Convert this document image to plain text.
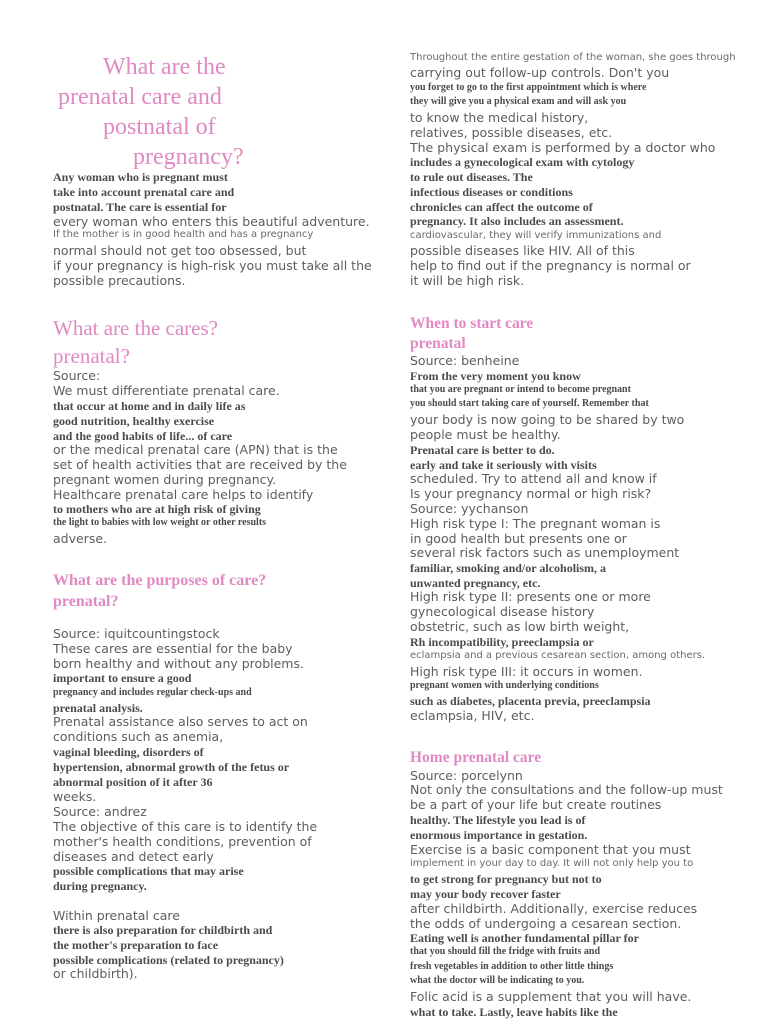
What are the
prenatal care and
postnatal of
pregnancy?
Any woman who is pregnant must
take into account prenatal care and
postnatal. The care is essential for
every woman who enters this beautiful adventure.
If the mother is in good health and has a pregnancy
normal should not get too obsessed, but
if your pregnancy is high-risk you must take all the
possible precautions.
What are the cares?
prenatal?
Source:
We must differentiate prenatal care.
that occur at home and in daily life as
good nutrition, healthy exercise
and the good habits of life... of care
or the medical prenatal care (APN) that is the
set of health activities that are received by the
pregnant women during pregnancy.
Healthcare prenatal care helps to identify
to mothers who are at high risk of giving
the light to babies with low weight or other results
adverse.
What are the purposes of care?
prenatal?
Source: iquitcountingstock
These cares are essential for the baby
born healthy and without any problems.
important to ensure a good
pregnancy and includes regular check-ups and
prenatal analysis.
Prenatal assistance also serves to act on
conditions such as anemia,
vaginal bleeding, disorders of
hypertension, abnormal growth of the fetus or
abnormal position of it after 36
weeks.
Source: andrez
The objective of this care is to identify the
mother's health conditions, prevention of
diseases and detect early
possible complications that may arise
during pregnancy.
Within prenatal care
there is also preparation for childbirth and
the mother's preparation to face
possible complications (related to pregnancy)
or childbirth).
Throughout the entire gestation of the woman, she goes through
carrying out follow-up controls. Don't you
you forget to go to the first appointment which is where
they will give you a physical exam and will ask you
to know the medical history,
relatives, possible diseases, etc.
The physical exam is performed by a doctor who
includes a gynecological exam with cytology
to rule out diseases. The
infectious diseases or conditions
chronicles can affect the outcome of
pregnancy. It also includes an assessment.
cardiovascular, they will verify immunizations and
possible diseases like HIV. All of this
help to find out if the pregnancy is normal or
it will be high risk.
When to start care
prenatal
Source: benheine
From the very moment you know
that you are pregnant or intend to become pregnant
you should start taking care of yourself. Remember that
your body is now going to be shared by two
people must be healthy.
Prenatal care is better to do.
early and take it seriously with visits
scheduled. Try to attend all and know if
Is your pregnancy normal or high risk?
Source: yychanson
High risk type I: The pregnant woman is
in good health but presents one or
several risk factors such as unemployment
familiar, smoking and/or alcoholism, a
unwanted pregnancy, etc.
High risk type II: presents one or more
gynecological disease history
obstetric, such as low birth weight,
Rh incompatibility, preeclampsia or
eclampsia and a previous cesarean section, among others.
High risk type III: it occurs in women.
pregnant women with underlying conditions
such as diabetes, placenta previa, preeclampsia
eclampsia, HIV, etc.
Home prenatal care
Source: porcelynn
Not only the consultations and the follow-up must
be a part of your life but create routines
healthy. The lifestyle you lead is of
enormous importance in gestation.
Exercise is a basic component that you must
implement in your day to day. It will not only help you to
to get strong for pregnancy but not to
may your body recover faster
after childbirth. Additionally, exercise reduces
the odds of undergoing a cesarean section.
Eating well is another fundamental pillar for
that you should fill the fridge with fruits and
fresh vegetables in addition to other little things
what the doctor will be indicating to you.
Folic acid is a supplement that you will have.
what to take. Lastly, leave habits like the
